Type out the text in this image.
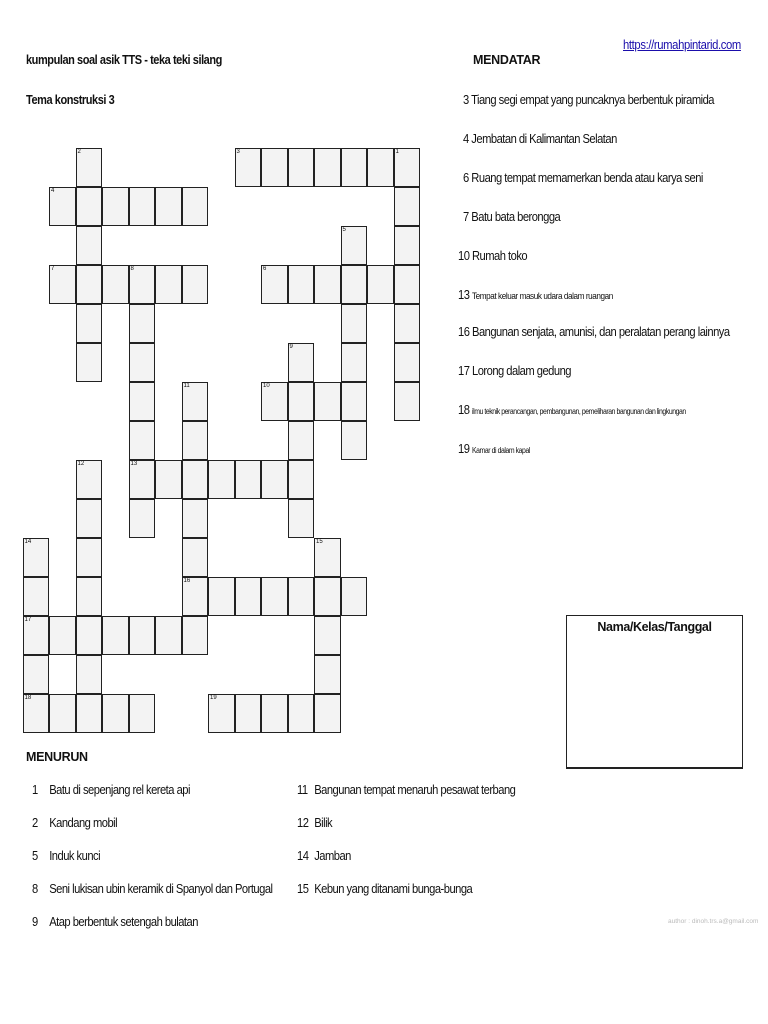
kumpulan soal asik TTS - teka teki silang
Tema konstruksi 3
https://rumahpintarid.com
MENDATAR
3 Tiang segi empat yang puncaknya berbentuk piramida
4 Jembatan di Kalimantan Selatan
6 Ruang tempat memamerkan benda atau karya seni
7 Batu bata berongga
10 Rumah toko
13 Tempat keluar masuk udara dalam ruangan
16 Bangunan senjata, amunisi, dan peralatan perang lainnya
17 Lorong dalam gedung
18 ilmu teknik perancangan, pembangunan, pemeliharan bangunan dan lingkungan
19 Kamar di dalam kapal
3	1
2
4
5
7	8	6
13
9
11
16
10
12
14
17
18
15
19
Nama/Kelas/Tanggal
MENURUN
1 Batu di sepenjang rel kereta api
2 Kandang mobil
5 Induk kunci
8 Seni lukisan ubin keramik di Spanyol dan Portugal
9 Atap berbentuk setengah bulatan
11 Bangunan tempat menaruh pesawat terbang
12 Bilik
14 Jamban
15 Kebun yang ditanami bunga-bunga
author : dinoh.trs.a@gmail.com
